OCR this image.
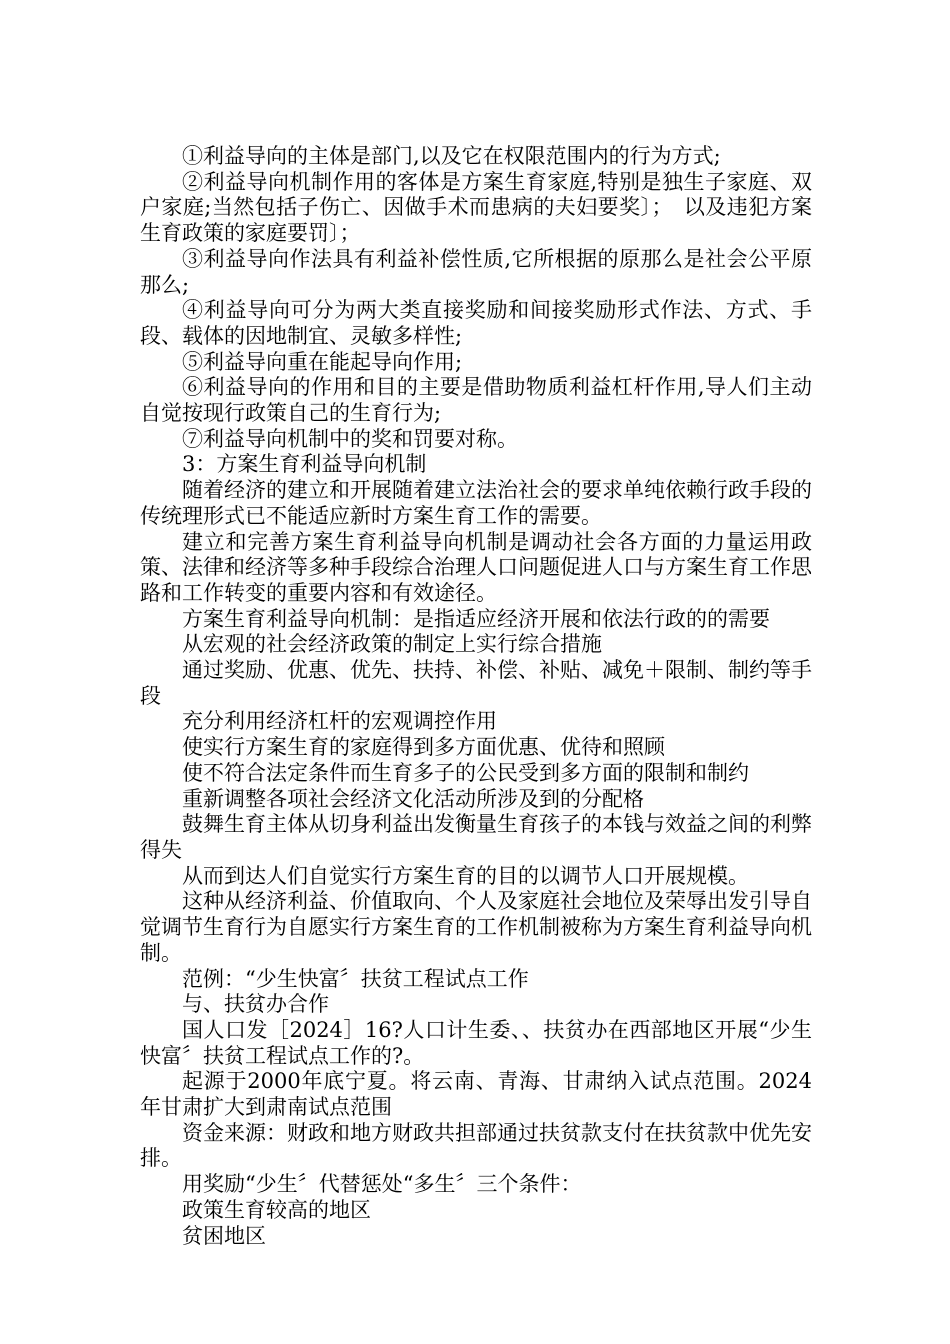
①利益导向的主体是部门,以及它在权限范围内的行为方式;

②利益导向机制作用的客体是方案生育家庭,特别是独生子家庭、双户家庭;当然包括子伤亡、因做手术而患病的夫妇要奖〕；　以及违犯方案生育政策的家庭要罚〕；

③利益导向作法具有利益补偿性质,它所根据的原那么是社会公平原那么;

④利益导向可分为两大类直接奖励和间接奖励形式作法、方式、手段、载体的因地制宜、灵敏多样性;

⑤利益导向重在能起导向作用;

⑥利益导向的作用和目的主要是借助物质利益杠杆作用,导人们主动自觉按现行政策自己的生育行为;

⑦利益导向机制中的奖和罚要对称。

3：方案生育利益导向机制

随着经济的建立和开展随着建立法治社会的要求单纯依赖行政手段的传统理形式已不能适应新时方案生育工作的需要。

建立和完善方案生育利益导向机制是调动社会各方面的力量运用政策、法律和经济等多种手段综合治理人口问题促进人口与方案生育工作思路和工作转变的重要内容和有效途径。

方案生育利益导向机制：是指适应经济开展和依法行政的的需要

从宏观的社会经济政策的制定上实行综合措施

通过奖励、优惠、优先、扶持、补偿、补贴、减免＋限制、制约等手段

充分利用经济杠杆的宏观调控作用

使实行方案生育的家庭得到多方面优惠、优待和照顾

使不符合法定条件而生育多子的公民受到多方面的限制和制约

重新调整各项社会经济文化活动所涉及到的分配格

鼓舞生育主体从切身利益出发衡量生育孩子的本钱与效益之间的利弊得失

从而到达人们自觉实行方案生育的目的以调节人口开展规模。

这种从经济利益、价值取向、个人及家庭社会地位及荣辱出发引导自觉调节生育行为自愿实行方案生育的工作机制被称为方案生育利益导向机制。

范例：“少生快富〞扶贫工程试点工作

与、扶贫办合作

国人口发［2024］16?人口计生委、、扶贫办在西部地区开展“少生快富〞扶贫工程试点工作的?。

起源于2000年底宁夏。将云南、青海、甘肃纳入试点范围。2024年甘肃扩大到肃南试点范围

资金来源：财政和地方财政共担部通过扶贫款支付在扶贫款中优先安排。

用奖励“少生〞代替惩处“多生〞三个条件：

政策生育较高的地区

贫困地区
